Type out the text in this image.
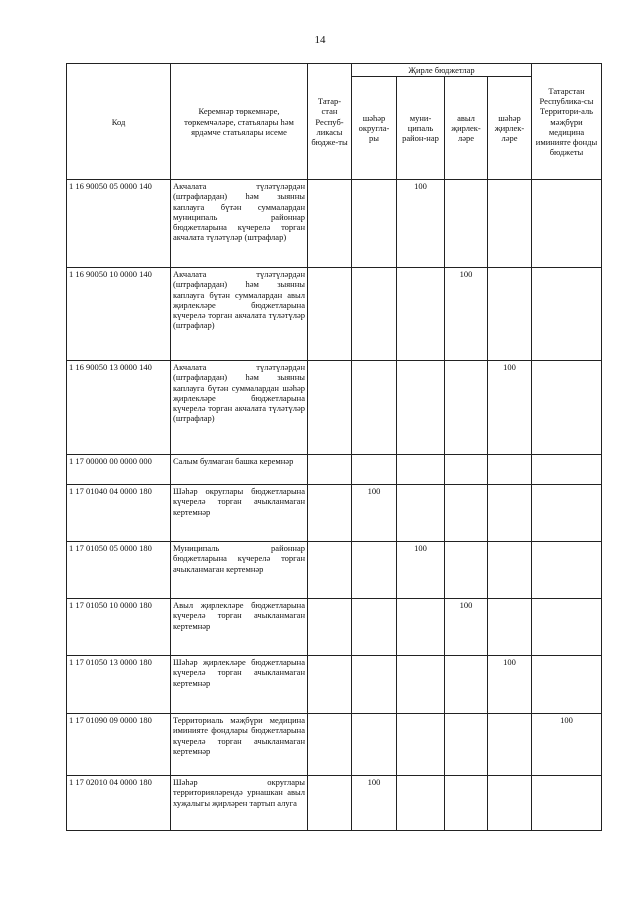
14
Код	Керемнәр төркемнәре, төркемчәләре, статьялары һәм ярдәмче статьялары исеме	Татар-стан Респуб-ликасы бюдже-ты	Җирле бюджетлар				Татарстан Республика-сы Территори-аль мәҗбүри медицина иминияте фонды бюджеты
			шәһәр округла-ры	муни-ципаль район-нар	авыл җирлек-ләре	шәһәр җирлек-ләре	
1 16 90050 05 0000 140	Акчалата түләтүләрдән (штрафлардан) һәм зыянны каплауга бүтән суммалардан муниципаль районнар бюджетларына күчерелә торган акчалата түләтүләр (штрафлар)			100			
1 16 90050 10 0000 140	Акчалата түләтүләрдән (штрафлардан) һәм зыянны каплауга бүтән суммалардан авыл җирлекләре бюджетларына күчерелә торган акчалата түләтүләр (штрафлар)				100		
1 16 90050 13 0000 140	Акчалата түләтүләрдән (штрафлардан) һәм зыянны каплауга бүтән суммалардан шәһәр җирлекләре бюджетларына күчерелә торган акчалата түләтүләр (штрафлар)					100	
1 17 00000 00 0000 000	Салым булмаган башка керемнәр						
1 17 01040 04 0000 180	Шәһәр округлары бюджетларына күчерелә торган ачыкланмаган кертемнәр		100				
1 17 01050 05 0000 180	Муниципаль районнар бюджетларына күчерелә торган ачыкланмаган кертемнәр			100			
1 17 01050 10 0000 180	Авыл җирлекләре бюджетларына күчерелә торган ачыкланмаган кертемнәр				100		
1 17 01050 13 0000 180	Шәһәр җирлекләре бюджетларына күчерелә торган ачыкланмаган кертемнәр					100	
1 17 01090 09 0000 180	Территориаль мәҗбүри медицина иминияте фондлары бюджетларына күчерелә торган ачыкланмаган кертемнәр						100
1 17 02010 04 0000 180	Шәһәр округлары территорияләрендә урнашкан авыл хуҗалыгы җирләрен тартып алуга		100				
